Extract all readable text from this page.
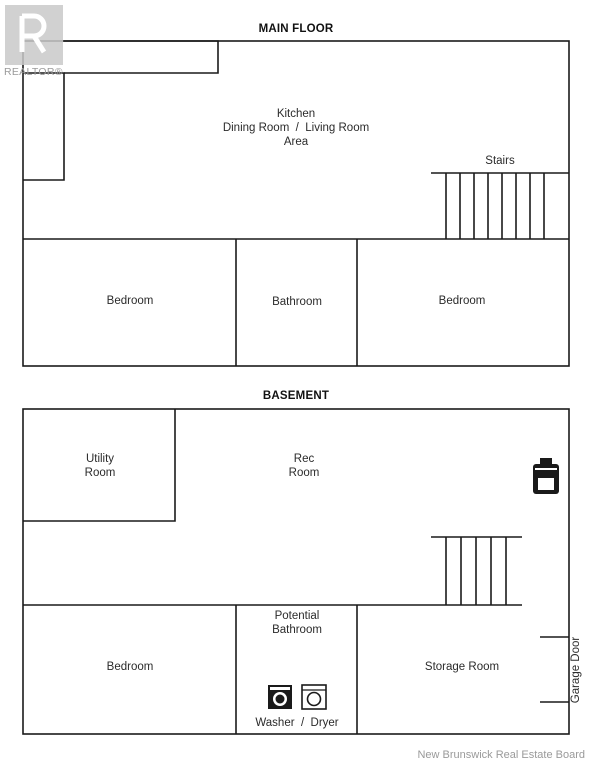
REALTOR®
MAIN FLOOR
Kitchen
Dining Room  /  Living Room
Area
Stairs
Bedroom	Bathroom	Bedroom
BASEMENT
Utility
Room
Rec
Room
Bedroom
Potential
Bathroom
Washer  /  Dryer
Storage Room	Garage Door
New Brunswick Real Estate Board
